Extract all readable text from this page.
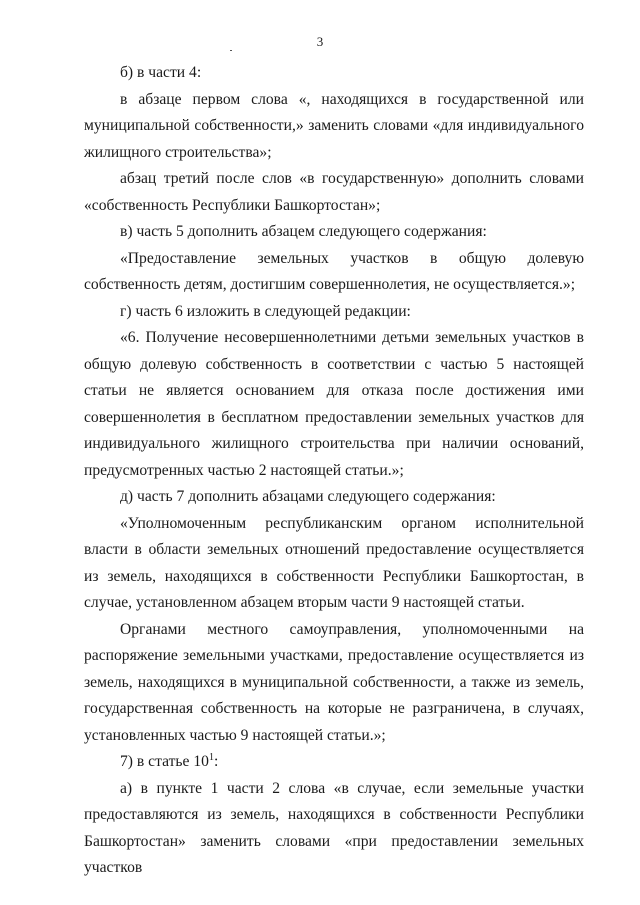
3

б) в части 4:

в абзаце первом слова «, находящихся в государственной или муниципальной собственности,» заменить словами «для индивидуального жилищного строительства»;

абзац третий после слов «в государственную» дополнить словами «собственность Республики Башкортостан»;

в) часть 5 дополнить абзацем следующего содержания:

«Предоставление земельных участков в общую долевую собственность детям, достигшим совершеннолетия, не осуществляется.»;

г) часть 6 изложить в следующей редакции:

«6. Получение несовершеннолетними детьми земельных участков в общую долевую собственность в соответствии с частью 5 настоящей статьи не является основанием для отказа после достижения ими совершеннолетия в бесплатном предоставлении земельных участков для индивидуального жилищного строительства при наличии оснований, предусмотренных частью 2 настоящей статьи.»;

д) часть 7 дополнить абзацами следующего содержания:

«Уполномоченным республиканским органом исполнительной власти в области земельных отношений предоставление осуществляется из земель, находящихся в собственности Республики Башкортостан, в случае, установленном абзацем вторым части 9 настоящей статьи.

Органами местного самоуправления, уполномоченными на распоряжение земельными участками, предоставление осуществляется из земель, находящихся в муниципальной собственности, а также из земель, государственная собственность на которые не разграничена, в случаях, установленных частью 9 настоящей статьи.»;

7) в статье $10^1$:

а) в пункте 1 части 2 слова «в случае, если земельные участки предоставляются из земель, находящихся в собственности Республики Башкортостан» заменить словами «при предоставлении земельных участков
